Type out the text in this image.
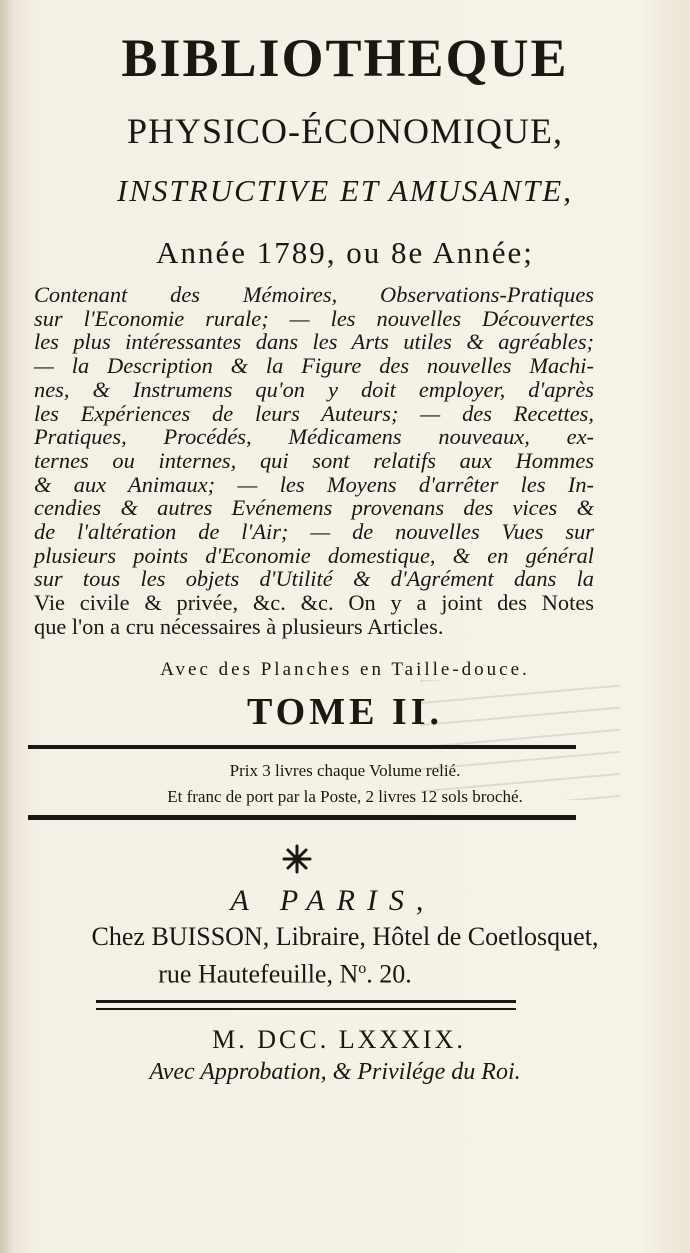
BIBLIOTHEQUE
PHYSICO-ÉCONOMIQUE,
INSTRUCTIVE ET AMUSANTE,
Année 1789, ou 8e Année;
Contenant des Mémoires, Observations-Pratiques
sur l'Economie rurale; — les nouvelles Découvertes
les plus intéressantes dans les Arts utiles & agréables;
— la Description & la Figure des nouvelles Machi-
nes, & Instrumens qu'on y doit employer, d'après
les Expériences de leurs Auteurs; — des Recettes,
Pratiques, Procédés, Médicamens nouveaux, ex-
ternes ou internes, qui sont relatifs aux Hommes
& aux Animaux; — les Moyens d'arrêter les In-
cendies & autres Evénemens provenans des vices &
de l'altération de l'Air; — de nouvelles Vues sur
plusieurs points d'Economie domestique, & en général
sur tous les objets d'Utilité & d'Agrément dans la
Vie civile & privée, &c. &c. On y a joint des Notes
que l'on a cru nécessaires à plusieurs Articles.
Avec des Planches en Taille-douce.
TOME II.
Prix 3 livres chaque Volume relié.
Et franc de port par la Poste, 2 livres 12 sols broché.
A PARIS,
Chez BUISSON, Libraire, Hôtel de Coetlosquet,
rue Hautefeuille, $N^o$. 20.
M. DCC. LXXXIX.
Avec Approbation, & Privilége du Roi.
